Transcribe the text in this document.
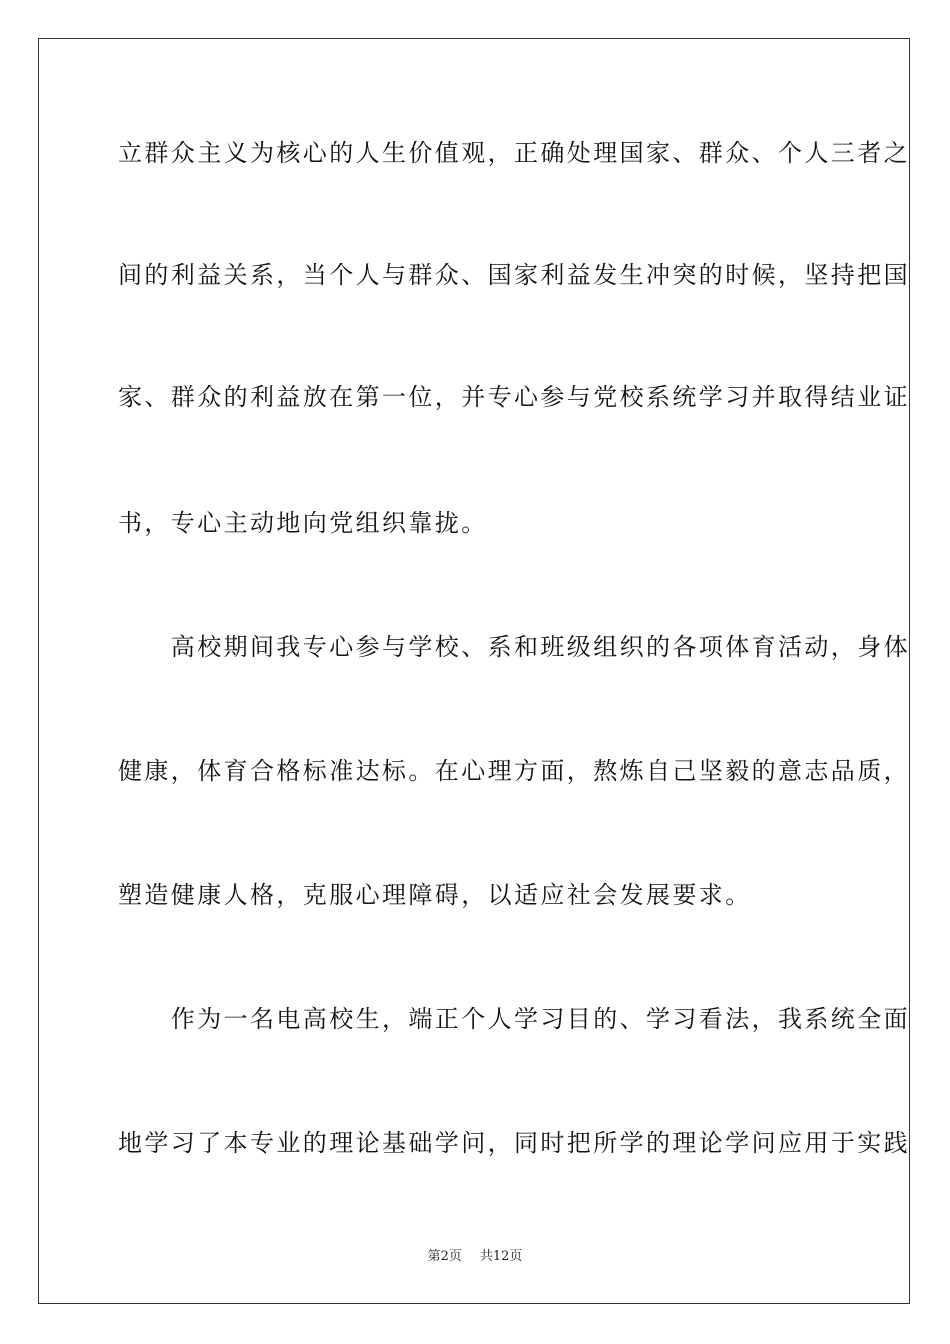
立群众主义为核心的人生价值观，正确处理国家、群众、个人三者之
间的利益关系，当个人与群众、国家利益发生冲突的时候，坚持把国
家、群众的利益放在第一位，并专心参与党校系统学习并取得结业证
书，专心主动地向党组织靠拢。
　　高校期间我专心参与学校、系和班级组织的各项体育活动，身体
健康，体育合格标准达标。在心理方面，熬炼自己坚毅的意志品质，
塑造健康人格，克服心理障碍，以适应社会发展要求。
　　作为一名电高校生，端正个人学习目的、学习看法，我系统全面
地学习了本专业的理论基础学问，同时把所学的理论学问应用于实践
第2页 共12页
